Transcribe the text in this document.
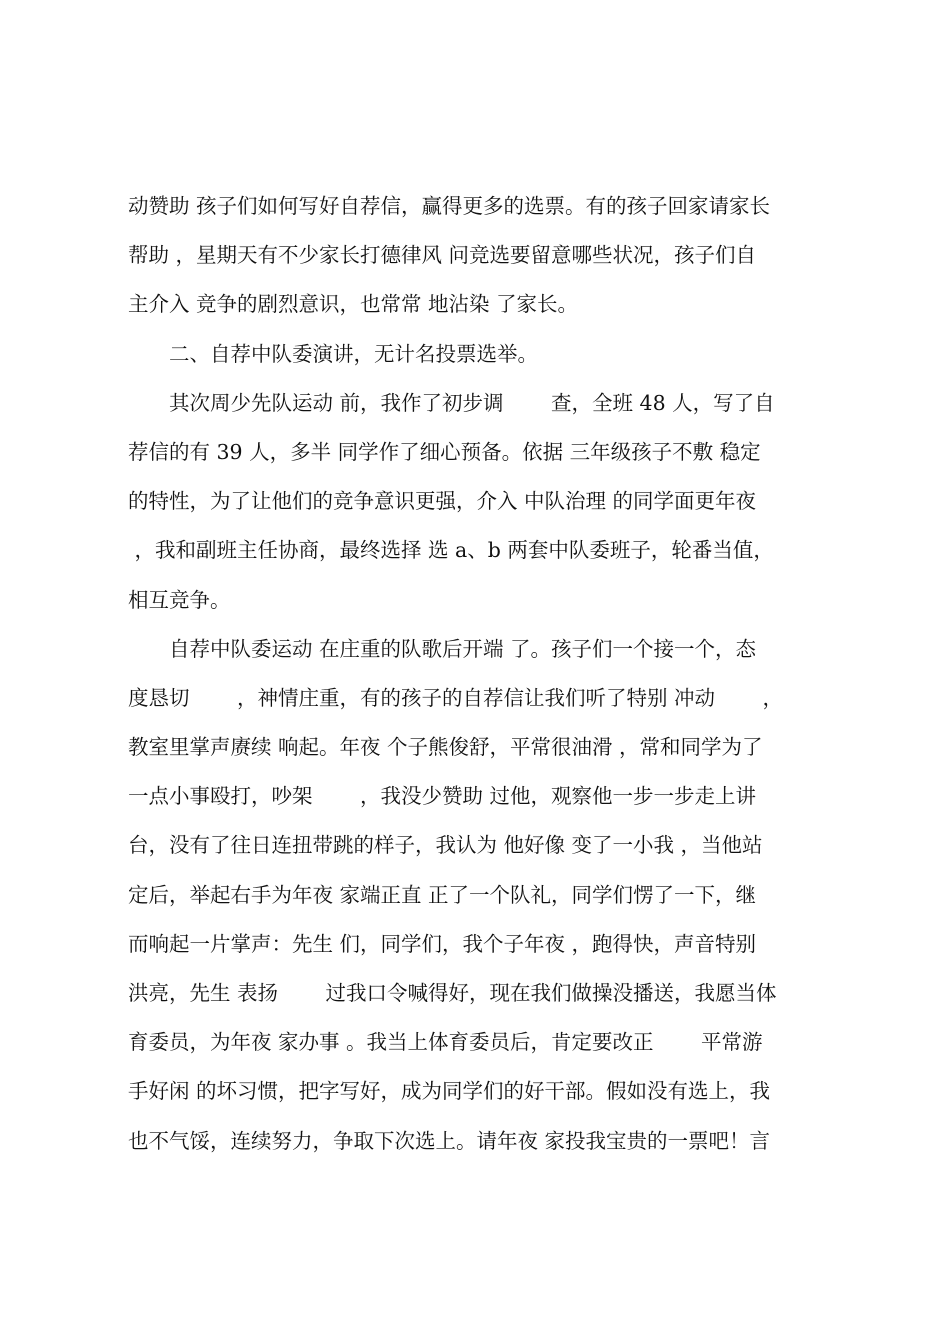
动赞助 孩子们如何写好自荐信，赢得更多的选票。有的孩子回家请家长
帮助 ，星期天有不少家长打德律风 问竞选要留意哪些状况，孩子们自
主介入 竞争的剧烈意识，也常常 地沾染 了家长。
　　二、自荐中队委演讲，无计名投票选举。
　　其次周少先队运动 前，我作了初步调　　 查，全班 48 人，写了自
荐信的有 39 人，多半 同学作了细心预备。依据 三年级孩子不敷 稳定
的特性，为了让他们的竞争意识更强，介入 中队治理 的同学面更年夜
，我和副班主任协商，最终选择 选 a、b 两套中队委班子，轮番当值，
相互竞争。
　　自荐中队委运动 在庄重的队歌后开端 了。孩子们一个接一个，态
度恳切　　 ，神情庄重，有的孩子的自荐信让我们听了特别 冲动　　 ，
教室里掌声赓续 响起。年夜 个子熊俊舒，平常很油滑 ，常和同学为了
一点小事殴打，吵架　　 ，我没少赞助 过他，观察他一步一步走上讲
台，没有了往日连扭带跳的样子，我认为 他好像 变了一小我 ，当他站
定后，举起右手为年夜 家端正直 正了一个队礼，同学们愣了一下，继
而响起一片掌声：先生 们，同学们，我个子年夜 ，跑得快，声音特别
洪亮，先生 表扬　　 过我口令喊得好，现在我们做操没播送，我愿当体
育委员，为年夜 家办事 。我当上体育委员后，肯定要改正　　 平常游
手好闲 的坏习惯，把字写好，成为同学们的好干部。假如没有选上，我
也不气馁，连续努力，争取下次选上。请年夜 家投我宝贵的一票吧！言
